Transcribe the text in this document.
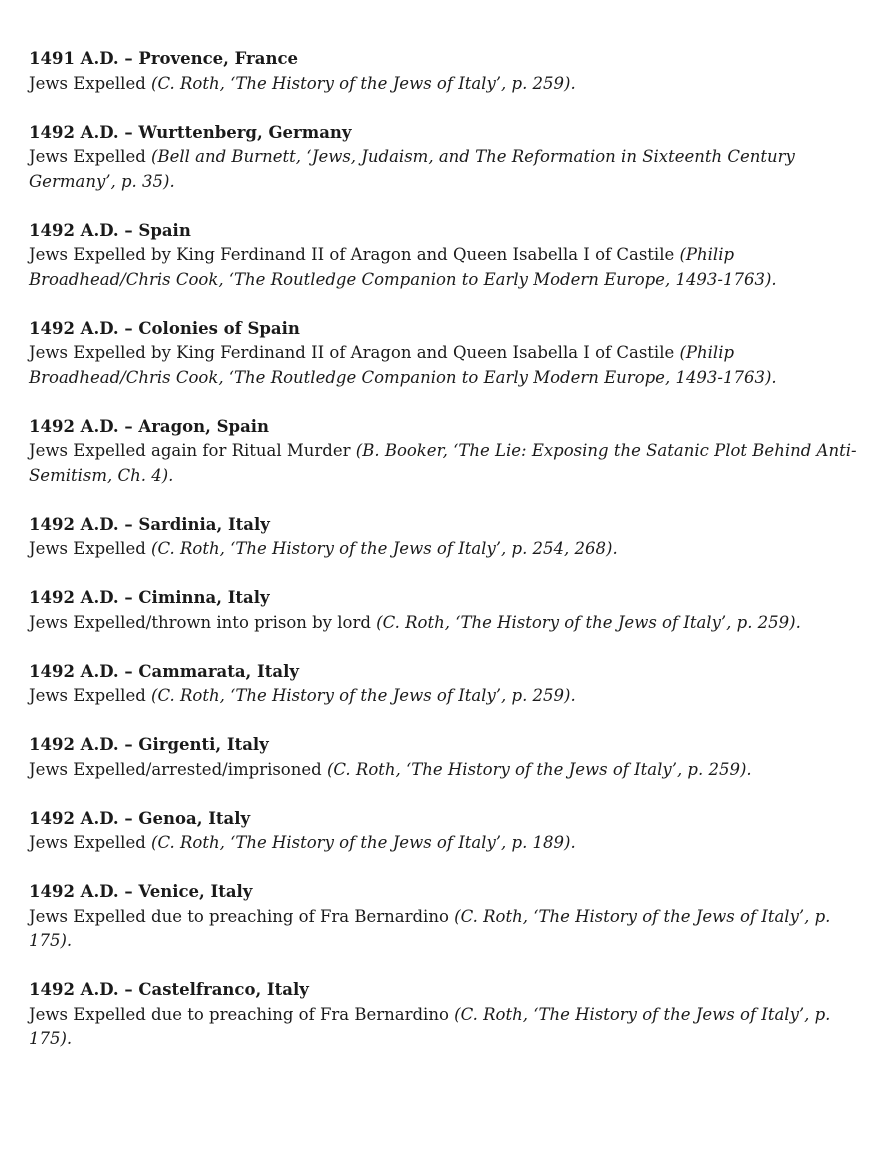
1491 A.D. – Provence, France
Jews Expelled (C. Roth, ‘The History of the Jews of Italy’, p. 259).
1492 A.D. – Wurttenberg, Germany
Jews Expelled (Bell and Burnett, ‘Jews, Judaism, and The Reformation in Sixteenth Century Germany’, p. 35).
1492 A.D. – Spain
Jews Expelled by King Ferdinand II of Aragon and Queen Isabella I of Castile (Philip Broadhead/Chris Cook, ‘The Routledge Companion to Early Modern Europe, 1493-1763).
1492 A.D. – Colonies of Spain
Jews Expelled by King Ferdinand II of Aragon and Queen Isabella I of Castile (Philip Broadhead/Chris Cook, ‘The Routledge Companion to Early Modern Europe, 1493-1763).
1492 A.D. – Aragon, Spain
Jews Expelled again for Ritual Murder (B. Booker, ‘The Lie: Exposing the Satanic Plot Behind Anti-Semitism, Ch. 4).
1492 A.D. – Sardinia, Italy
Jews Expelled (C. Roth, ‘The History of the Jews of Italy’, p. 254, 268).
1492 A.D. – Ciminna, Italy
Jews Expelled/thrown into prison by lord (C. Roth, ‘The History of the Jews of Italy’, p. 259).
1492 A.D. – Cammarata, Italy
Jews Expelled (C. Roth, ‘The History of the Jews of Italy’, p. 259).
1492 A.D. – Girgenti, Italy
Jews Expelled/arrested/imprisoned (C. Roth, ‘The History of the Jews of Italy’, p. 259).
1492 A.D. – Genoa, Italy
Jews Expelled (C. Roth, ‘The History of the Jews of Italy’, p. 189).
1492 A.D. – Venice, Italy
Jews Expelled due to preaching of Fra Bernardino (C. Roth, ‘The History of the Jews of Italy’, p. 175).
1492 A.D. – Castelfranco, Italy
Jews Expelled due to preaching of Fra Bernardino (C. Roth, ‘The History of the Jews of Italy’, p. 175).
